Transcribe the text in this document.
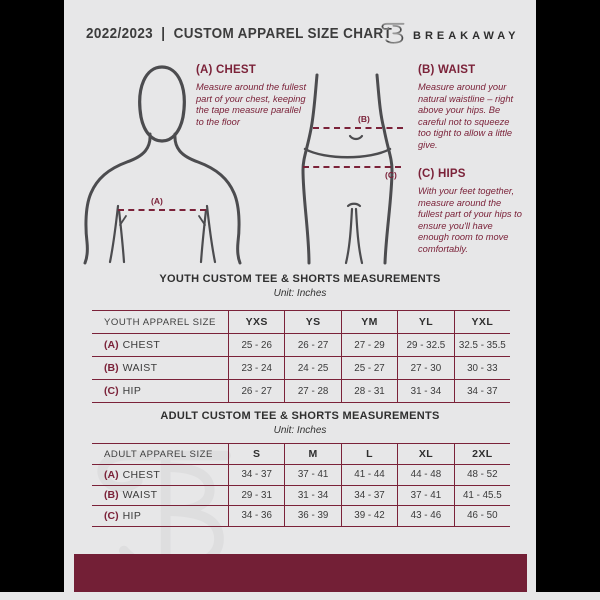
2022/2023  |  CUSTOM APPAREL SIZE CHART BREAKAWAY
(A)
(B)
(C)
(A) CHEST
Measure around the fullest part of your chest, keeping the tape measure parallel to the floor
(B) WAIST
Measure around your natural waistline – right above your hips. Be careful not to squeeze too tight to allow a little give.
(C) HIPS
With your feet together, measure around the fullest part of your hips to ensure you'll have enough room to move comfortably.
YOUTH CUSTOM TEE & SHORTS MEASUREMENTS
Unit: Inches
YOUTH APPAREL SIZE	YXS	YS	YM	YL	YXL
(A) CHEST	25 - 26	26 - 27	27 - 29	29 - 32.5	32.5 - 35.5
(B) WAIST	23 - 24	24 - 25	25 - 27	27 - 30	30 - 33
(C) HIP	26 - 27	27 - 28	28 - 31	31 - 34	34 - 37
ADULT CUSTOM TEE & SHORTS MEASUREMENTS
Unit: Inches
ADULT APPAREL SIZE	S	M	L	XL	2XL
(A) CHEST	34 - 37	37 - 41	41 - 44	44 - 48	48 - 52
(B) WAIST	29 - 31	31 - 34	34 - 37	37 - 41	41 - 45.5
(C) HIP	34 - 36	36 - 39	39 - 42	43 - 46	46 - 50
